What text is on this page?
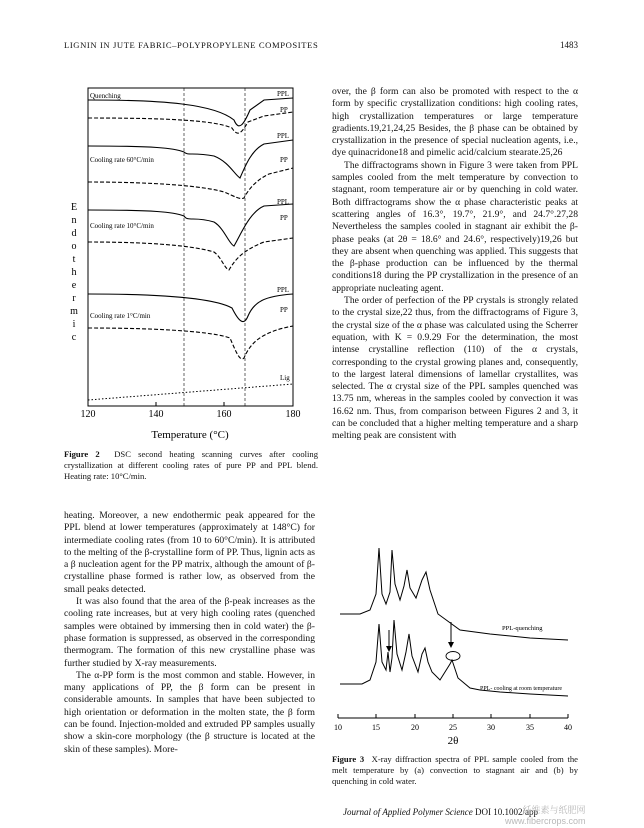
LIGNIN IN JUTE FABRIC–POLYPROPYLENE COMPOSITES	1483
E
n
d
o
t
h
e
r
m
i
c
120	140	160	180
Temperature (°C)
Quenching	PPL
PP
Cooling rate 60°C/min
PPL
PP
Cooling rate 10°C/min
PPL
PP
Cooling rate 1°C/min
PPL
PP
Lig
Figure 2 DSC second heating scanning curves after cooling crystallization at different cooling rates of pure PP and PPL blend. Heating rate: 10°C/min.

heating. Moreover, a new endothermic peak appeared for the PPL blend at lower temperatures (approximately at 148°C) for intermediate cooling rates (from 10 to 60°C/min). It is attributed to the melting of the β-crystalline form of PP. Thus, lignin acts as a β nucleation agent for the PP matrix, although the amount of β-crystalline phase formed is rather low, as observed from the small peaks detected.

It was also found that the area of the β-peak increases as the cooling rate increases, but at very high cooling rates (quenched samples were obtained by immersing then in cold water) the β-phase formation is suppressed, as observed in the corresponding thermogram. The formation of this new crystalline phase was further studied by X-ray measurements.

The α-PP form is the most common and stable. However, in many applications of PP, the β form can be present in considerable amounts. In samples that have been subjected to high orientation or deformation in the molten state, the β form can be found. Injection-molded and extruded PP samples usually show a skin-core morphology (the β structure is located at the skin of these samples). More-

over, the β form can also be promoted with respect to the α form by specific crystallization conditions: high cooling rates, high crystallization temperatures or large temperature gradients.19,21,24,25 Besides, the β phase can be obtained by crystallization in the presence of special nucleation agents, i.e., dye quinacridone18 and pimelic acid/calcium stearate.25,26

The diffractograms shown in Figure 3 were taken from PPL samples cooled from the melt temperature by convection to stagnant, room temperature air or by quenching in cold water. Both diffractograms show the α phase characteristic peaks at scattering angles of 16.3°, 19.7°, 21.9°, and 24.7°.27,28 Nevertheless the samples cooled in stagnant air exhibit the β-phase peaks (at 2θ = 18.6° and 24.6°, respectively)19,26 but they are absent when quenching was applied. This suggests that the β-phase production can be influenced by the thermal conditions18 during the PP crystallization in the presence of an appropriate nucleating agent.

The order of perfection of the PP crystals is strongly related to the crystal size,22 thus, from the diffractograms of Figure 3, the crystal size of the α phase was calculated using the Scherrer equation, with K = 0.9.29 For the determination, the most intense crystalline reflection (110) of the α crystals, corresponding to the crystal growing planes and, consequently, to the largest lateral dimensions of lamellar crystallites, was selected. The α crystal size of the PPL samples quenched was 13.75 nm, whereas in the samples cooled by convection it was 16.62 nm. Thus, from comparison between Figures 2 and 3, it can be concluded that a higher melting temperature and a sharp melting peak are consistent with

10	15	20	25	30	35	40
2θ
PPL-quenching
PPL- cooling at room temperature
Figure 3 X-ray diffraction spectra of PPL sample cooled from the melt temperature by (a) convection to stagnant air and (b) by quenching in cold water.
Journal of Applied Polymer Science DOI 10.1002/app
纤维素与纸肥网
www.fibercrops.com
